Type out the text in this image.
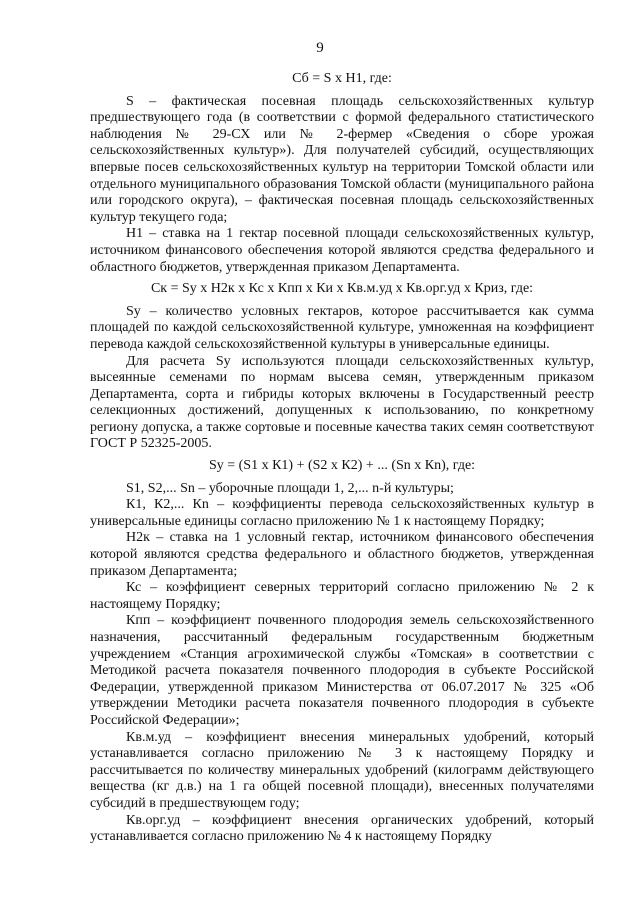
9
Сб = S х Н1, где:

S – фактическая посевная площадь сельскохозяйственных культур предшествующего года (в соответствии с формой федерального статистического наблюдения № 29-СХ или № 2-фермер «Сведения о сборе урожая сельскохозяйственных культур»). Для получателей субсидий, осуществляющих впервые посев сельскохозяйственных культур на территории Томской области или отдельного муниципального образования Томской области (муниципального района или городского округа), – фактическая посевная площадь сельскохозяйственных культур текущего года;

Н1 – ставка на 1 гектар посевной площади сельскохозяйственных культур, источником финансового обеспечения которой являются средства федерального и областного бюджетов, утвержденная приказом Департамента.

Ск = Sу х Н2к х Кс х Кпп х Ки х Кв.м.уд х Кв.орг.уд х Криз, где:

Sу – количество условных гектаров, которое рассчитывается как сумма площадей по каждой сельскохозяйственной культуре, умноженная на коэффициент перевода каждой сельскохозяйственной культуры в универсальные единицы.

Для расчета Sу используются площади сельскохозяйственных культур, высеянные семенами по нормам высева семян, утвержденным приказом Департамента, сорта и гибриды которых включены в Государственный реестр селекционных достижений, допущенных к использованию, по конкретному региону допуска, а также сортовые и посевные качества таких семян соответствуют ГОСТ Р 52325-2005.

Sу = (S1 х К1) + (S2 х К2) + ... (Sn х Кn), где:

S1, S2,... Sn – уборочные площади 1, 2,... n-й культуры;

К1, К2,... Кn – коэффициенты перевода сельскохозяйственных культур в универсальные единицы согласно приложению № 1 к настоящему Порядку;

Н2к – ставка на 1 условный гектар, источником финансового обеспечения которой являются средства федерального и областного бюджетов, утвержденная приказом Департамента;

Кс – коэффициент северных территорий согласно приложению № 2 к настоящему Порядку;

Кпп – коэффициент почвенного плодородия земель сельскохозяйственного назначения, рассчитанный федеральным государственным бюджетным учреждением «Станция агрохимической службы «Томская» в соответствии с Методикой расчета показателя почвенного плодородия в субъекте Российской Федерации, утвержденной приказом Министерства от 06.07.2017 № 325 «Об утверждении Методики расчета показателя почвенного плодородия в субъекте Российской Федерации»;

Кв.м.уд – коэффициент внесения минеральных удобрений, который устанавливается согласно приложению № 3 к настоящему Порядку и рассчитывается по количеству минеральных удобрений (килограмм действующего вещества (кг д.в.) на 1 га общей посевной площади), внесенных получателями субсидий в предшествующем году;

Кв.орг.уд – коэффициент внесения органических удобрений, который устанавливается согласно приложению № 4 к настоящему Порядку
